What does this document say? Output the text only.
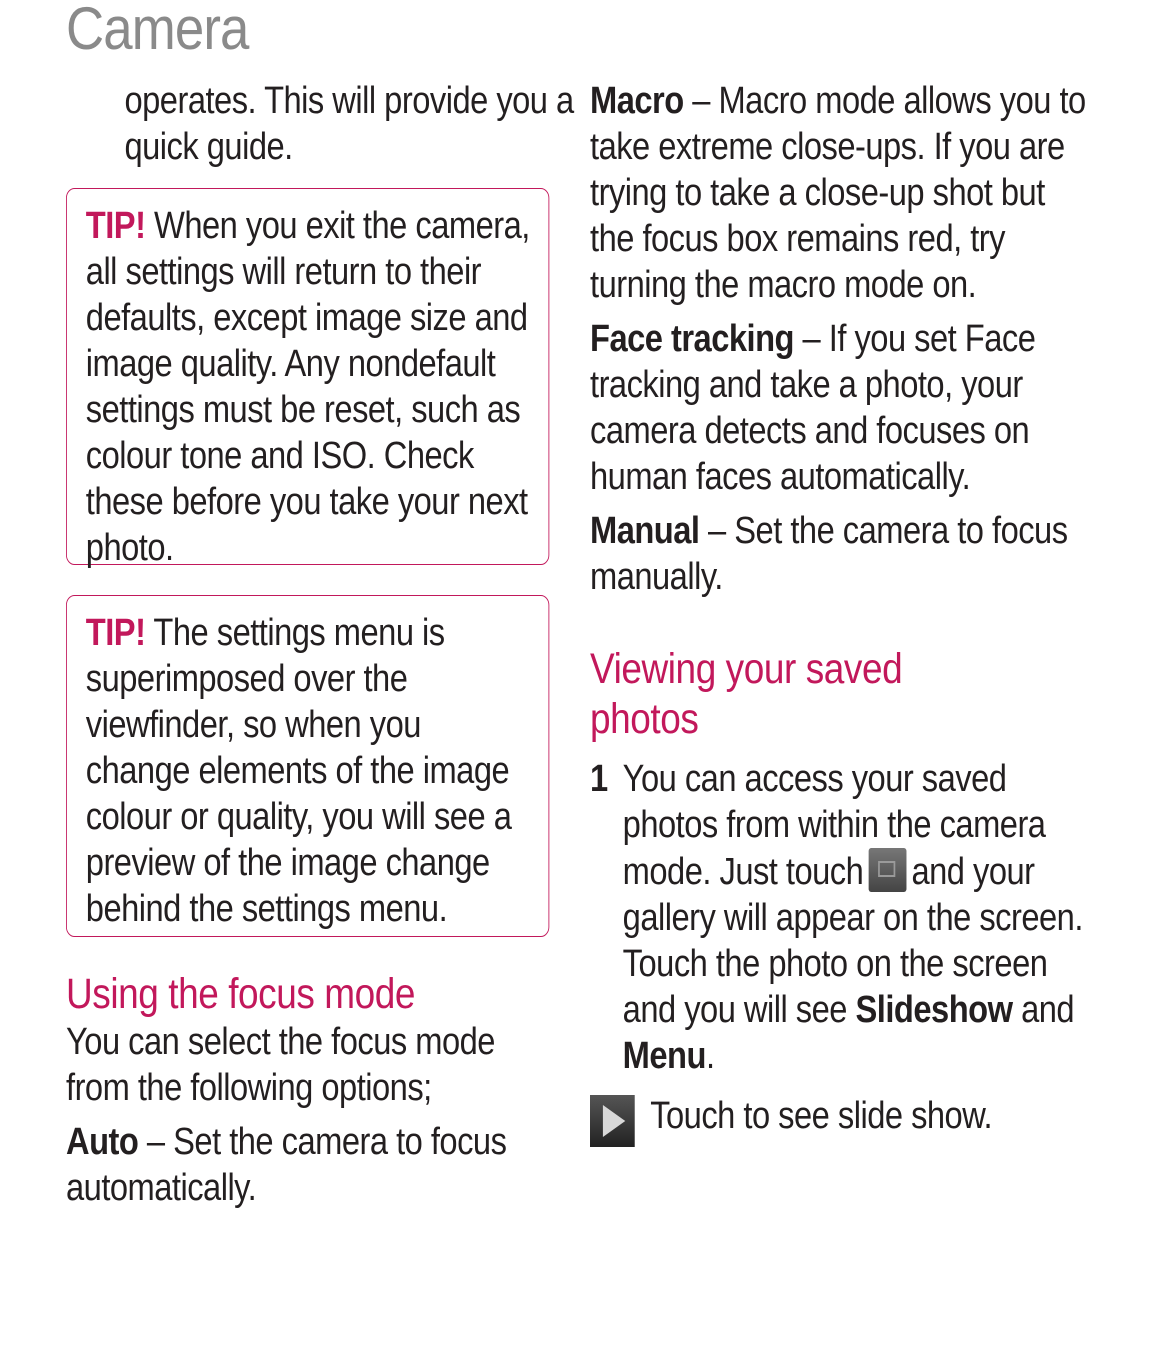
Camera

operates. This will provide you a quick guide.

TIP! When you exit the camera, all settings will return to their defaults, except image size and image quality. Any nondefault settings must be reset, such as colour tone and ISO. Check these before you take your next photo.

TIP! The settings menu is superimposed over the viewfinder, so when you change elements of the image colour or quality, you will see a preview of the image change behind the settings menu.

Using the focus mode

You can select the focus mode from the following options;

Auto – Set the camera to focus automatically.

Macro – Macro mode allows you to take extreme close-ups. If you are trying to take a close-up shot but the focus box remains red, try turning the macro mode on.

Face tracking – If you set Face tracking and take a photo, your camera detects and focuses on human faces automatically.

Manual – Set the camera to focus manually.

Viewing your saved photos
1 You can access your saved photos from within the camera mode. Just touch and your gallery will appear on the screen. Touch the photo on the screen and you will see Slideshow and Menu.
Touch to see slide show.
